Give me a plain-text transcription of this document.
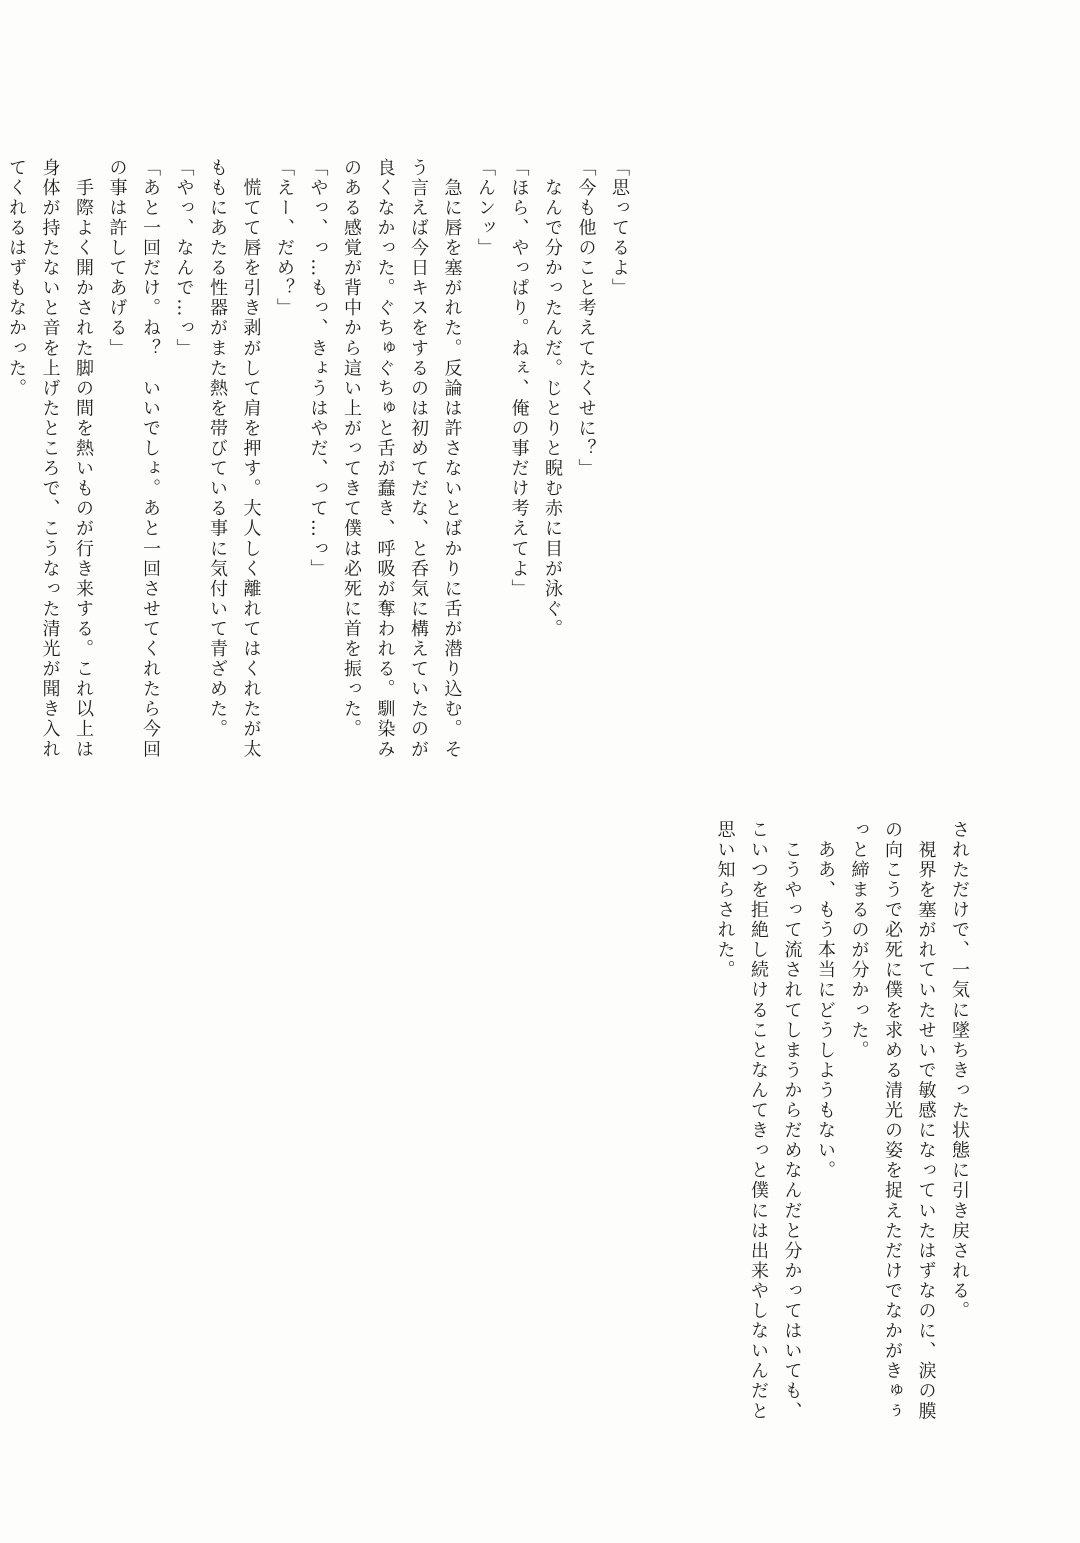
「思ってるよ」
「今も他のこと考えてたくせに？」
　なんで分かったんだ。じとりと睨む赤に目が泳ぐ。
「ほら、やっぱり。ねぇ、俺の事だけ考えてよ」
「んンッ」
　急に唇を塞がれた。反論は許さないとばかりに舌が潜り込む。そ
う言えば今日キスをするのは初めてだな、と呑気に構えていたのが
良くなかった。ぐちゅぐちゅと舌が蠢き、呼吸が奪われる。馴染み
のある感覚が背中から這い上がってきて僕は必死に首を振った。
「やっ、っ…もっ、きょうはやだ、って…っ」
「えー、だめ？」
　慌てて唇を引き剥がして肩を押す。大人しく離れてはくれたが太
ももにあたる性器がまた熱を帯びている事に気付いて青ざめた。
「やっ、なんで…っ」
「あと一回だけ。ね？　いいでしょ。あと一回させてくれたら今回
の事は許してあげる」
　手際よく開かされた脚の間を熱いものが行き来する。これ以上は
身体が持たないと音を上げたところで、こうなった清光が聞き入れ
てくれるはずもなかった。
されただけで、一気に墜ちきった状態に引き戻される。
　視界を塞がれていたせいで敏感になっていたはずなのに、涙の膜
の向こうで必死に僕を求める清光の姿を捉えただけでなかがきゅぅ
っと締まるのが分かった。
　ああ、もう本当にどうしようもない。
　こうやって流されてしまうからだめなんだと分かってはいても、
こいつを拒絶し続けることなんてきっと僕には出来やしないんだと
思い知らされた。
